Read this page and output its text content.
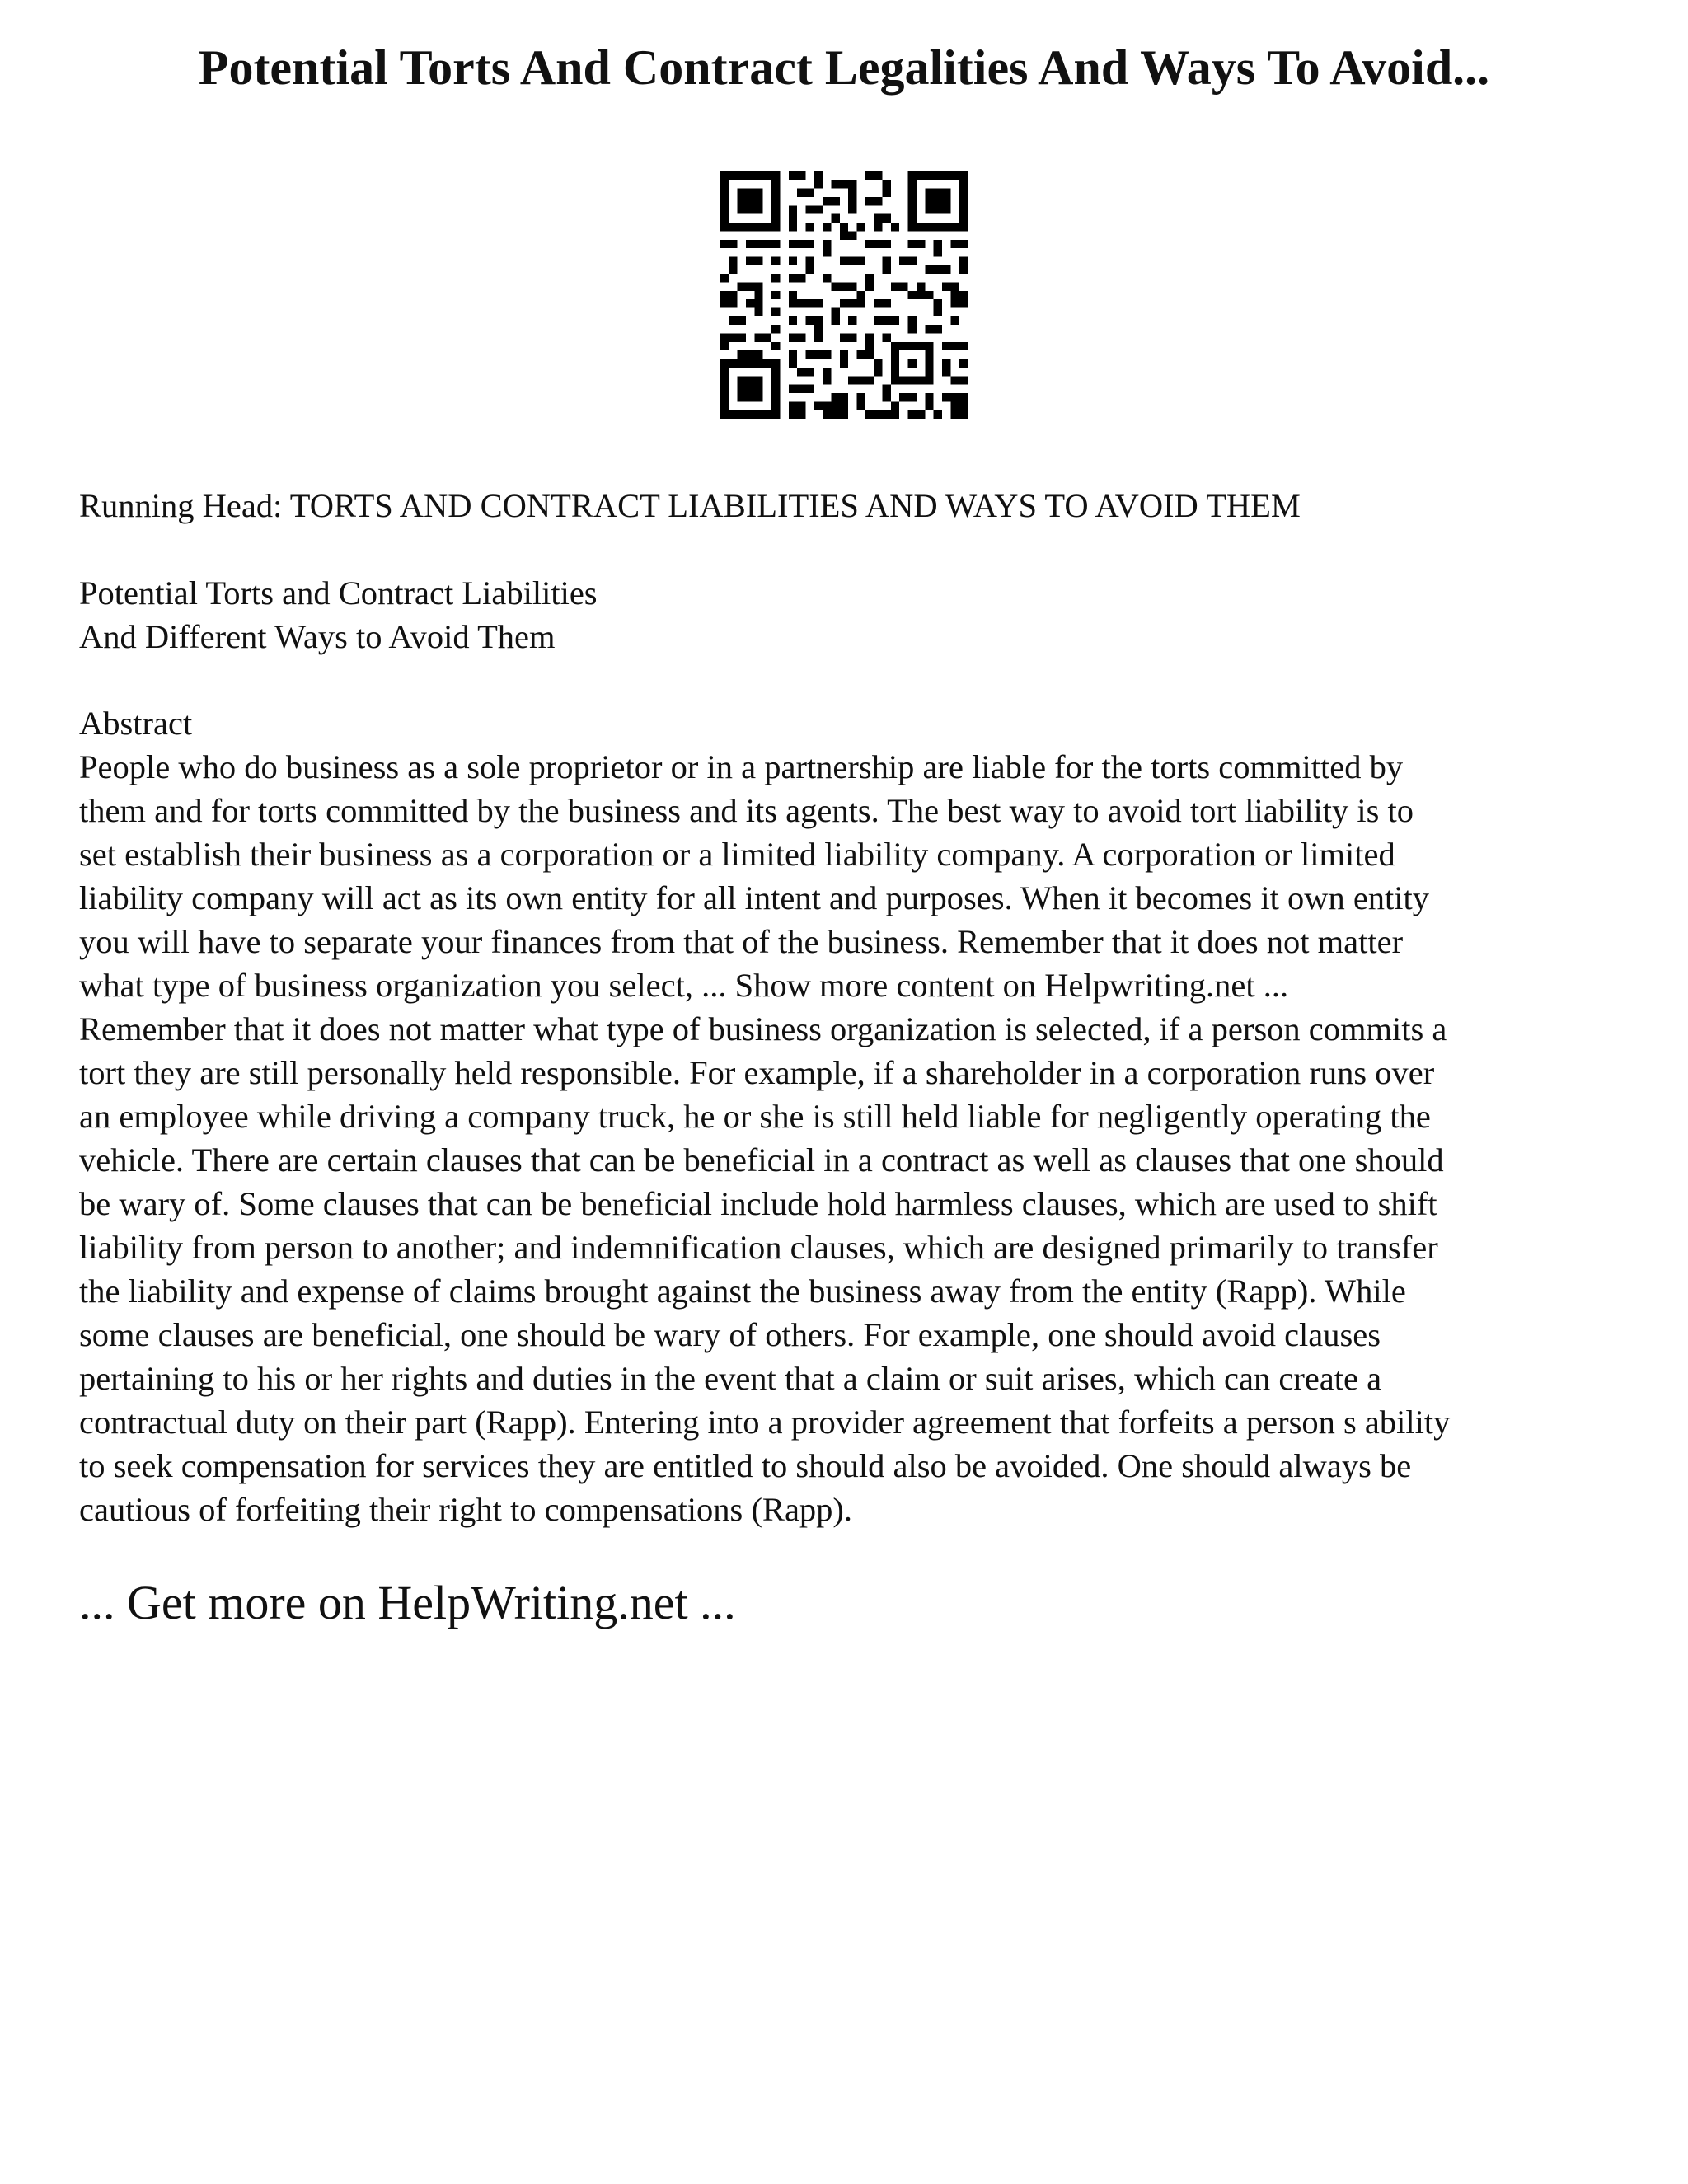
Potential Torts And Contract Legalities And Ways To Avoid...

Running Head: TORTS AND CONTRACT LIABILITIES AND WAYS TO AVOID THEM

Potential Torts and Contract Liabilities
And Different Ways to Avoid Them

Abstract

People who do business as a sole proprietor or in a partnership are liable for the torts committed by
them and for torts committed by the business and its agents. The best way to avoid tort liability is to
set establish their business as a corporation or a limited liability company. A corporation or limited
liability company will act as its own entity for all intent and purposes. When it becomes it own entity
you will have to separate your finances from that of the business. Remember that it does not matter
what type of business organization you select, ... Show more content on Helpwriting.net ...
Remember that it does not matter what type of business organization is selected, if a person commits a
tort they are still personally held responsible. For example, if a shareholder in a corporation runs over
an employee while driving a company truck, he or she is still held liable for negligently operating the
vehicle. There are certain clauses that can be beneficial in a contract as well as clauses that one should
be wary of. Some clauses that can be beneficial include hold harmless clauses, which are used to shift
liability from person to another; and indemnification clauses, which are designed primarily to transfer
the liability and expense of claims brought against the business away from the entity (Rapp). While
some clauses are beneficial, one should be wary of others. For example, one should avoid clauses
pertaining to his or her rights and duties in the event that a claim or suit arises, which can create a
contractual duty on their part (Rapp). Entering into a provider agreement that forfeits a person s ability
to seek compensation for services they are entitled to should also be avoided. One should always be
cautious of forfeiting their right to compensations (Rapp).

... Get more on HelpWriting.net ...
